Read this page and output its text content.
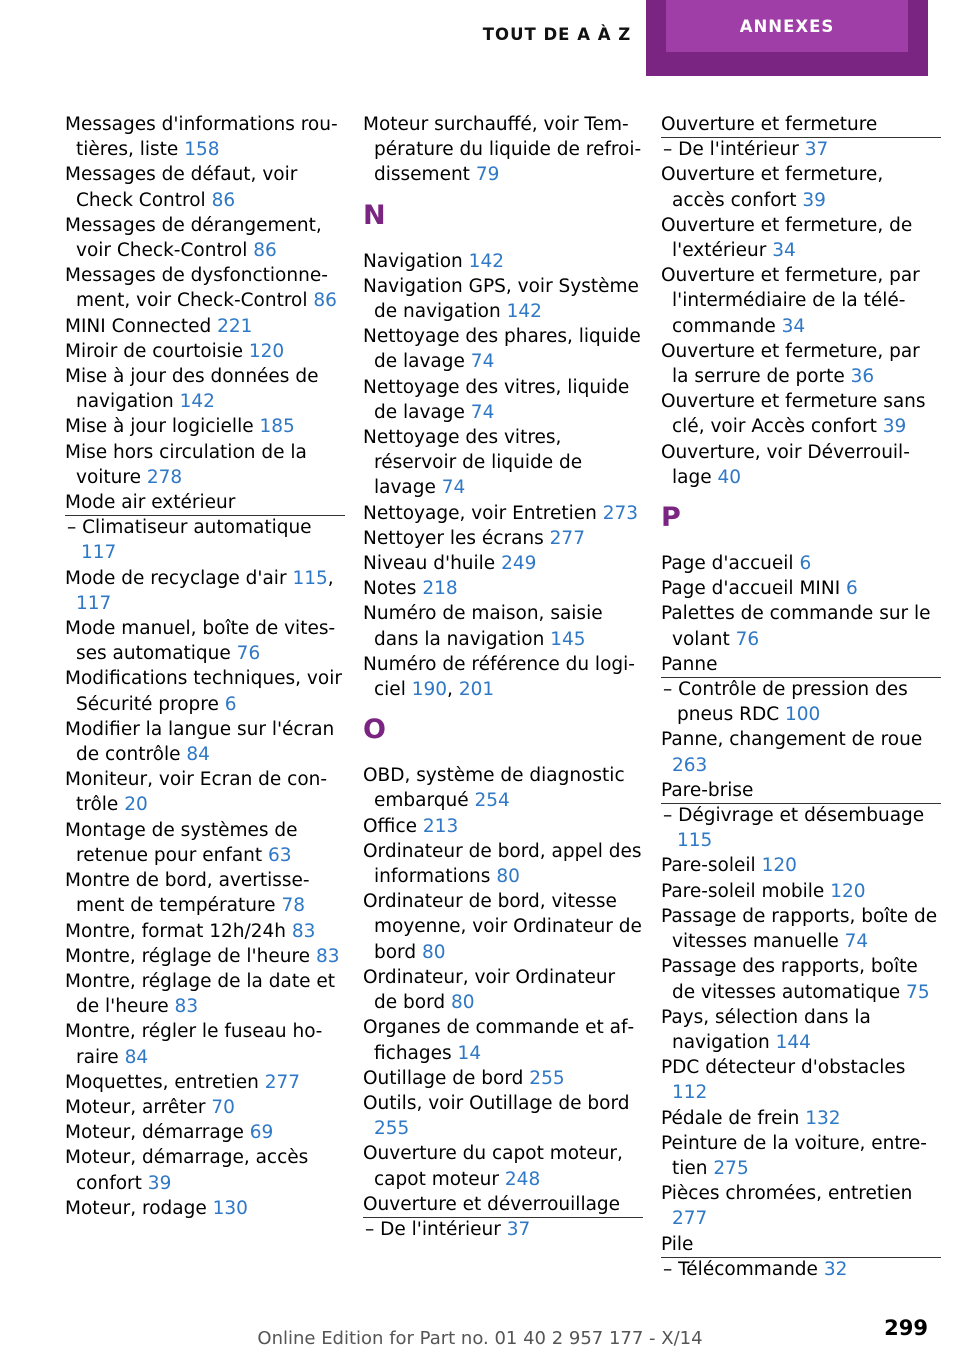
TOUT DE A À Z	ANNEXES
Messages d'informations routières, liste 158
Messages de défaut, voir Check Control 86
Messages de dérangement, voir Check-Control 86
Messages de dysfonctionnement, voir Check-Control 86
MINI Connected 221
Miroir de courtoisie 120
Mise à jour des données de navigation 142
Mise à jour logicielle 185
Mise hors circulation de la voiture 278
Mode air extérieur
– Climatiseur automatique 117
Mode de recyclage d'air 115, 117
Mode manuel, boîte de vitesses automatique 76
Modifications techniques, voir Sécurité propre 6
Modifier la langue sur l'écran de contrôle 84
Moniteur, voir Ecran de contrôle 20
Montage de systèmes de retenue pour enfant 63
Montre de bord, avertissement de température 78
Montre, format 12h/24h 83
Montre, réglage de l'heure 83
Montre, réglage de la date et de l'heure 83
Montre, régler le fuseau horaire 84
Moquettes, entretien 277
Moteur, arrêter 70
Moteur, démarrage 69
Moteur, démarrage, accès confort 39
Moteur, rodage 130
Moteur surchauffé, voir Température du liquide de refroidissement 79
N
Navigation 142
Navigation GPS, voir Système de navigation 142
Nettoyage des phares, liquide de lavage 74
Nettoyage des vitres, liquide de lavage 74
Nettoyage des vitres, réservoir de liquide de lavage 74
Nettoyage, voir Entretien 273
Nettoyer les écrans 277
Niveau d'huile 249
Notes 218
Numéro de maison, saisie dans la navigation 145
Numéro de référence du logiciel 190, 201
O
OBD, système de diagnostic embarqué 254
Office 213
Ordinateur de bord, appel des informations 80
Ordinateur de bord, vitesse moyenne, voir Ordinateur de bord 80
Ordinateur, voir Ordinateur de bord 80
Organes de commande et affichages 14
Outillage de bord 255
Outils, voir Outillage de bord 255
Ouverture du capot moteur, capot moteur 248
Ouverture et déverrouillage
– De l'intérieur 37
Ouverture et fermeture
– De l'intérieur 37
Ouverture et fermeture, accès confort 39
Ouverture et fermeture, de l'extérieur 34
Ouverture et fermeture, par l'intermédiaire de la télécommande 34
Ouverture et fermeture, par la serrure de porte 36
Ouverture et fermeture sans clé, voir Accès confort 39
Ouverture, voir Déverrouillage 40
P
Page d'accueil 6
Page d'accueil MINI 6
Palettes de commande sur le volant 76
Panne
– Contrôle de pression des pneus RDC 100
Panne, changement de roue 263
Pare-brise
– Dégivrage et désembuage 115
Pare-soleil 120
Pare-soleil mobile 120
Passage de rapports, boîte de vitesses manuelle 74
Passage des rapports, boîte de vitesses automatique 75
Pays, sélection dans la navigation 144
PDC détecteur d'obstacles 112
Pédale de frein 132
Peinture de la voiture, entretien 275
Pièces chromées, entretien 277
Pile
– Télécommande 32
299
Online Edition for Part no. 01 40 2 957 177 - X/14
